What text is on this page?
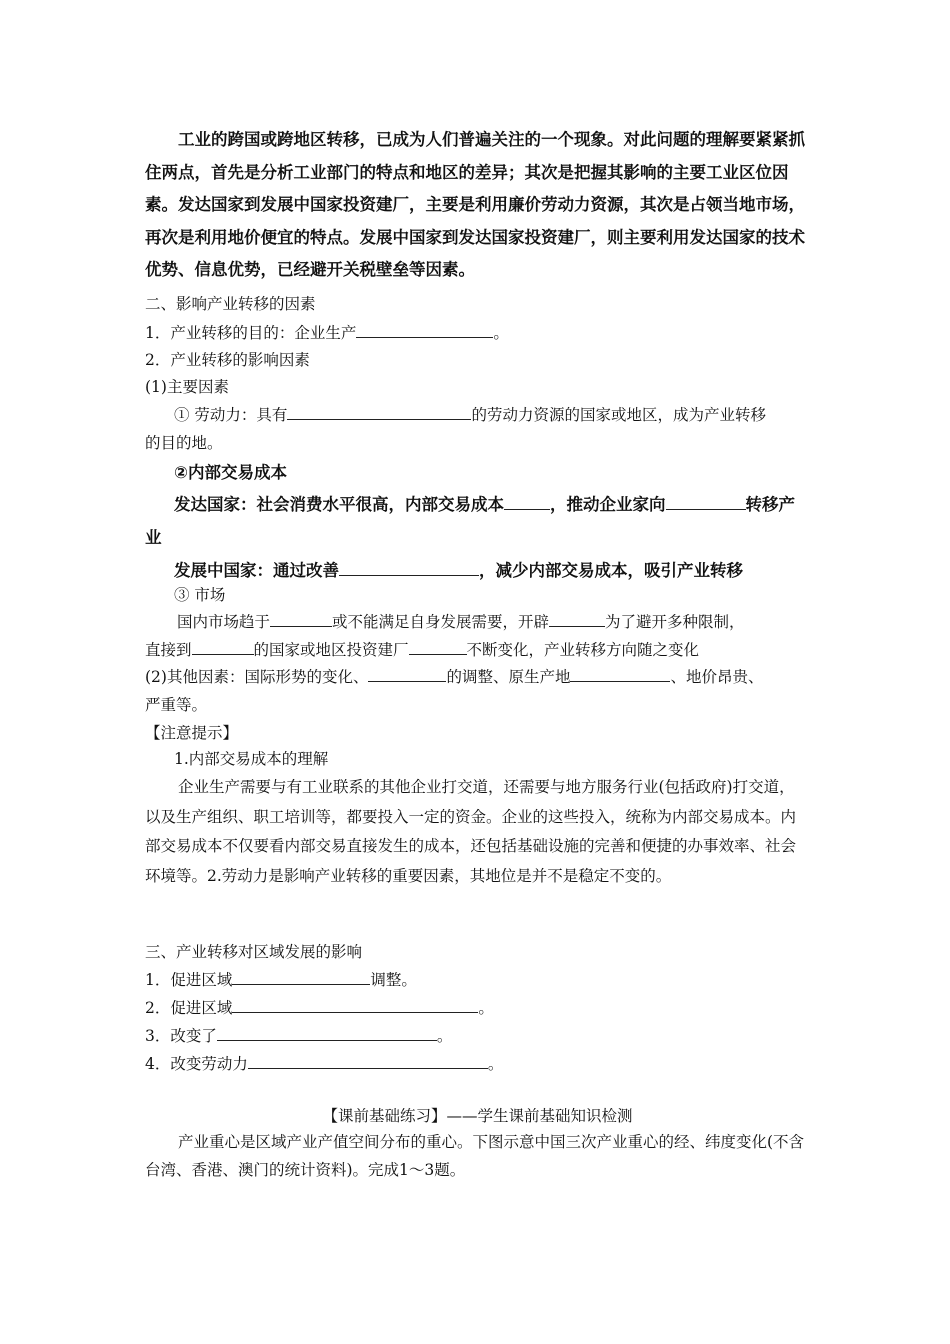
工业的跨国或跨地区转移，已成为人们普遍关注的一个现象。对此问题的理解要紧紧抓住两点，首先是分析工业部门的特点和地区的差异；其次是把握其影响的主要工业区位因素。发达国家到发展中国家投资建厂，主要是利用廉价劳动力资源，其次是占领当地市场，再次是利用地价便宜的特点。发展中国家到发达国家投资建厂，则主要利用发达国家的技术优势、信息优势，已经避开关税壁垒等因素。

二、影响产业转移的因素
1．产业转移的目的：企业生产	。
2．产业转移的影响因素
(1)主要因素
① 劳动力：具有	的劳动力资源的国家或地区，成为产业转移
的目的地。
②内部交易成本
发达国家：社会消费水平很高，内部交易成本	，推动企业家向	转移产
业
发展中国家：通过改善	，减少内部交易成本，吸引产业转移
③ 市场
国内市场趋于	或不能满足自身发展需要，开辟	为了避开多种限制，
直接到	的国家或地区投资建厂	不断变化，产业转移方向随之变化
(2)其他因素：国际形势的变化、	的调整、原生产地	、地价昂贵、
严重等。
【注意提示】
1.内部交易成本的理解

企业生产需要与有工业联系的其他企业打交道，还需要与地方服务行业(包括政府)打交道，以及生产组织、职工培训等，都要投入一定的资金。企业的这些投入，统称为内部交易成本。内部交易成本不仅要看内部交易直接发生的成本，还包括基础设施的完善和便捷的办事效率、社会环境等。2.劳动力是影响产业转移的重要因素，其地位是并不是稳定不变的。

三、产业转移对区域发展的影响
1．促进区域	调整。
2．促进区域	。
3．改变了	。
4．改变劳动力	。
【课前基础练习】——学生课前基础知识检测

产业重心是区域产业产值空间分布的重心。下图示意中国三次产业重心的经、纬度变化(不含台湾、香港、澳门的统计资料)。完成1～3题。
